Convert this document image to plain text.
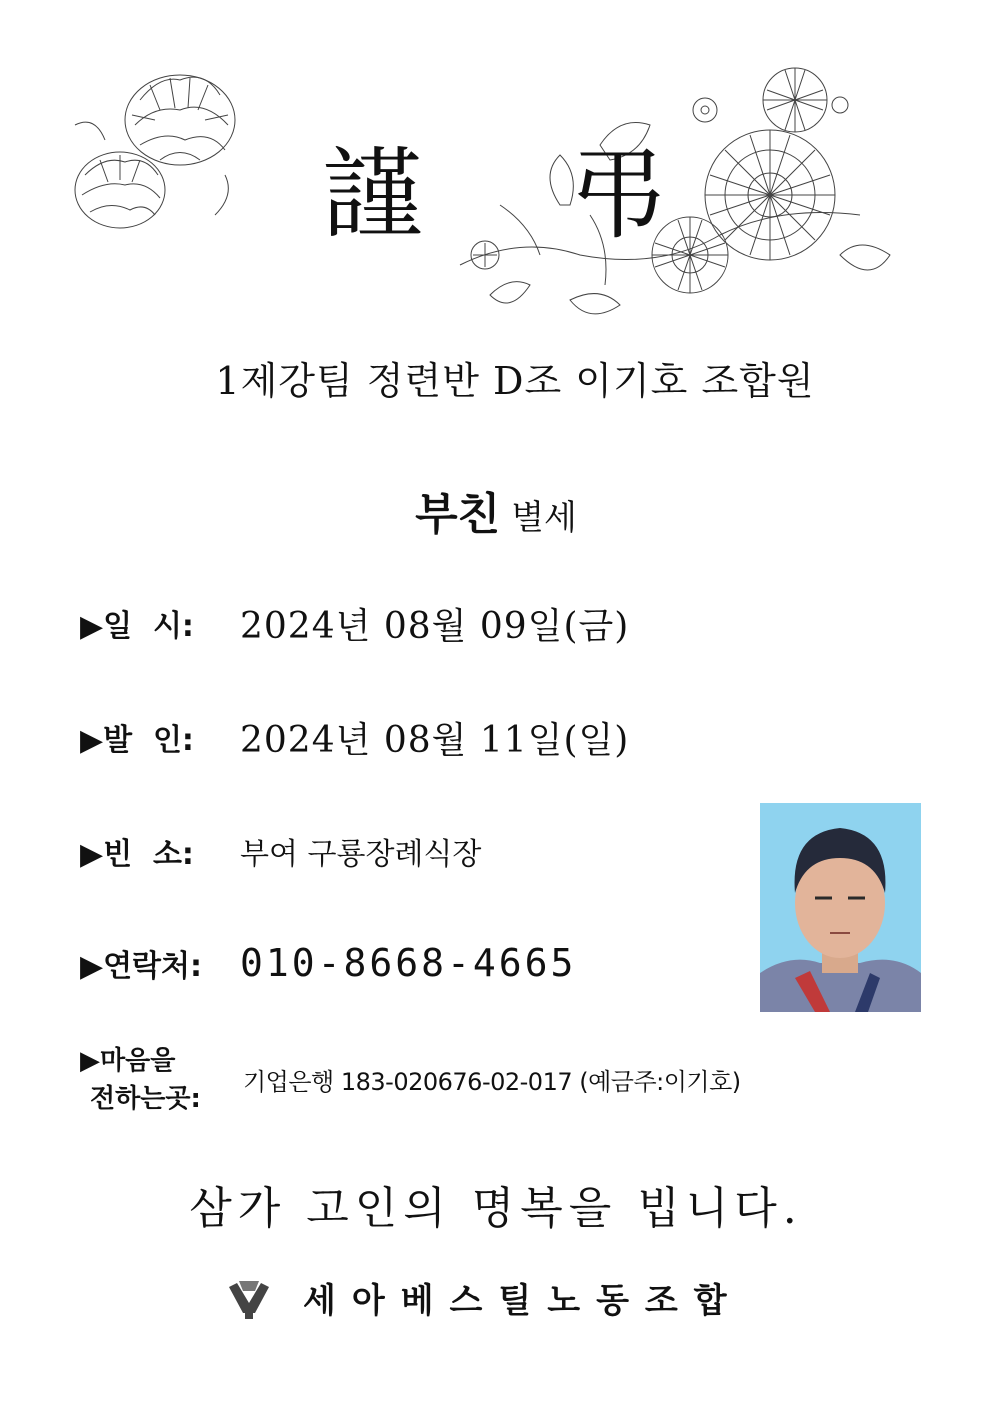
謹 弔
1제강팀 정련반 D조 이기호 조합원
부친 별세
▶일  시:	2024년 08월 09일(금)
▶발  인:	2024년 08월 11일(일)
▶빈  소:	부여 구룡장례식장
▶연락처: 010-8668-4665
▶마음을
전하는곳:
기업은행 183-020676-02-017 (예금주:이기호)
삼가 고인의 명복을 빕니다.
세아베스틸노동조합
